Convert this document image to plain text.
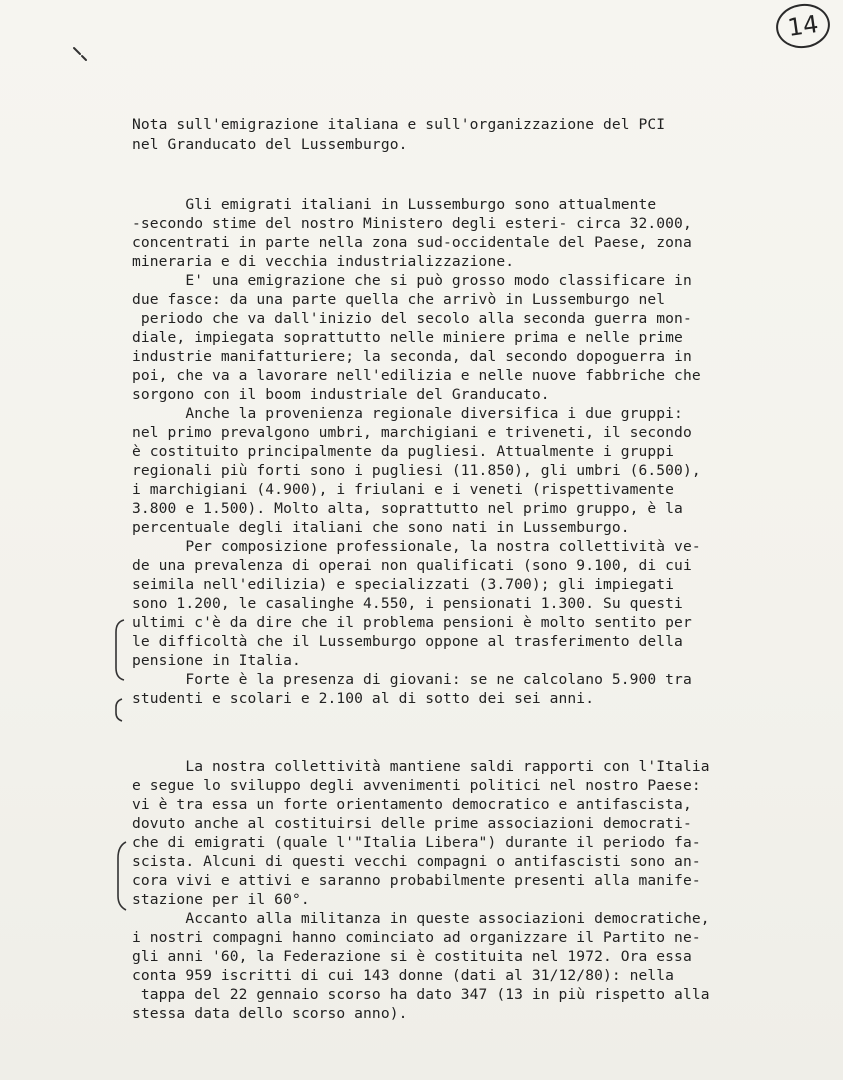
14
Nota sull'emigrazione italiana e sull'organizzazione del PCI
nel Granducato del Lussemburgo.
Gli emigrati italiani in Lussemburgo sono attualmente
-secondo stime del nostro Ministero degli esteri- circa 32.000,
concentrati in parte nella zona sud-occidentale del Paese, zona
mineraria e di vecchia industrializzazione.
E' una emigrazione che si può grosso modo classificare in
due fasce: da una parte quella che arrivò in Lussemburgo nel
periodo che va dall'inizio del secolo alla seconda guerra mon-
diale, impiegata soprattutto nelle miniere prima e nelle prime
industrie manifatturiere; la seconda, dal secondo dopoguerra in
poi, che va a lavorare nell'edilizia e nelle nuove fabbriche che
sorgono con il boom industriale del Granducato.
Anche la provenienza regionale diversifica i due gruppi:
nel primo prevalgono umbri, marchigiani e triveneti, il secondo
è costituito principalmente da pugliesi. Attualmente i gruppi
regionali più forti sono i pugliesi (11.850), gli umbri (6.500),
i marchigiani (4.900), i friulani e i veneti (rispettivamente
3.800 e 1.500). Molto alta, soprattutto nel primo gruppo, è la
percentuale degli italiani che sono nati in Lussemburgo.
Per composizione professionale, la nostra collettività ve-
de una prevalenza di operai non qualificati (sono 9.100, di cui
seimila nell'edilizia) e specializzati (3.700); gli impiegati
sono 1.200, le casalinghe 4.550, i pensionati 1.300. Su questi
ultimi c'è da dire che il problema pensioni è molto sentito per
le difficoltà che il Lussemburgo oppone al trasferimento della
pensione in Italia.
Forte è la presenza di giovani: se ne calcolano 5.900 tra
studenti e scolari e 2.100 al di sotto dei sei anni.
La nostra collettività mantiene saldi rapporti con l'Italia
e segue lo sviluppo degli avvenimenti politici nel nostro Paese:
vi è tra essa un forte orientamento democratico e antifascista,
dovuto anche al costituirsi delle prime associazioni democrati-
che di emigrati (quale l'"Italia Libera") durante il periodo fa-
scista. Alcuni di questi vecchi compagni o antifascisti sono an-
cora vivi e attivi e saranno probabilmente presenti alla manife-
stazione per il 60°.
Accanto alla militanza in queste associazioni democratiche,
i nostri compagni hanno cominciato ad organizzare il Partito ne-
gli anni '60, la Federazione si è costituita nel 1972. Ora essa
conta 959 iscritti di cui 143 donne (dati al 31/12/80): nella
tappa del 22 gennaio scorso ha dato 347 (13 in più rispetto alla
stessa data dello scorso anno).
